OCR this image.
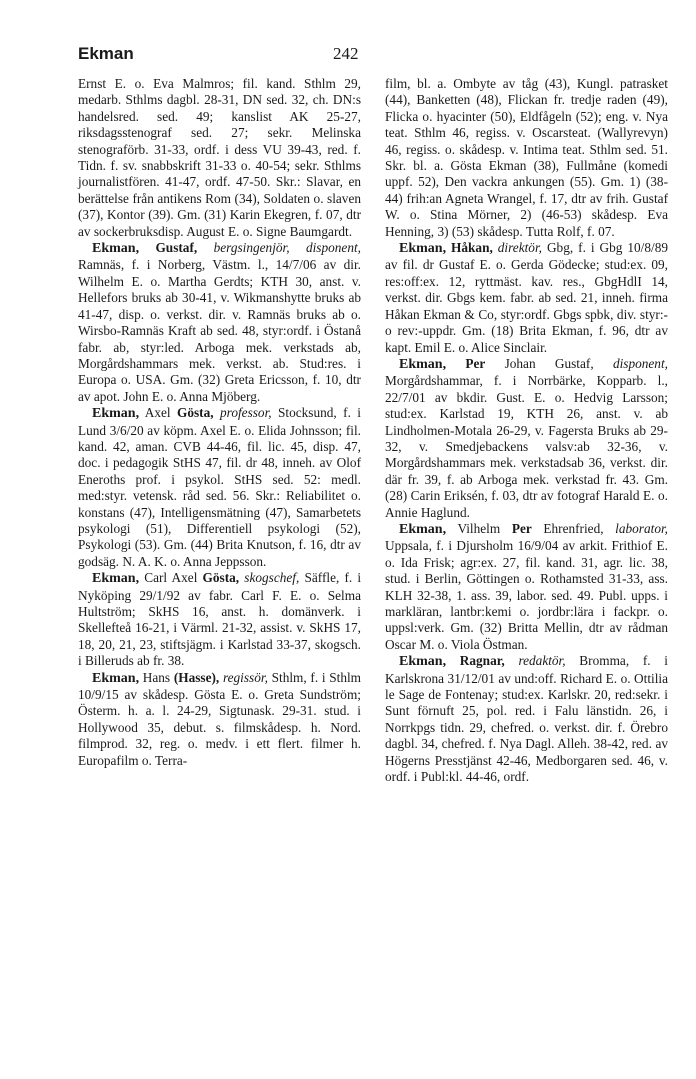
Ekman	242

Ernst E. o. Eva Malmros; fil. kand. Sthlm 29, medarb. Sthlms dagbl. 28-31, DN sed. 32, ch. DN:s handelsred. sed. 49; kanslist AK 25-27, riksdagsstenograf sed. 27; sekr. Melinska stenograförb. 31-33, ordf. i dess VU 39-43, red. f. Tidn. f. sv. snabbskrift 31-33 o. 40-54; sekr. Sthlms journalistfören. 41-47, ordf. 47-50. Skr.: Slavar, en berättelse från antikens Rom (34), Soldaten o. slaven (37), Kontor (39). Gm. (31) Karin Ekegren, f. 07, dtr av sockerbruksdisp. August E. o. Signe Baumgardt.

Ekman, Gustaf, bergsingenjör, disponent, Ramnäs, f. i Norberg, Västm. l., 14/7/06 av dir. Wilhelm E. o. Martha Gerdts; KTH 30, anst. v. Hellefors bruks ab 30-41, v. Wikmanshytte bruks ab 41-47, disp. o. verkst. dir. v. Ramnäs bruks ab o. Wirsbo-Ramnäs Kraft ab sed. 48, styr:ordf. i Östanå fabr. ab, styr:led. Arboga mek. verkstads ab, Morgårdshammars mek. verkst. ab. Stud:res. i Europa o. USA. Gm. (32) Greta Ericsson, f. 10, dtr av apot. John E. o. Anna Mjöberg.

Ekman, Axel Gösta, professor, Stocksund, f. i Lund 3/6/20 av köpm. Axel E. o. Elida Johnsson; fil. kand. 42, aman. CVB 44-46, fil. lic. 45, disp. 47, doc. i pedagogik StHS 47, fil. dr 48, inneh. av Olof Eneroths prof. i psykol. StHS sed. 52: medl. med:styr. vetensk. råd sed. 56. Skr.: Reliabilitet o. konstans (47), Intelligensmätning (47), Samarbetets psykologi (51), Differentiell psykologi (52), Psykologi (53). Gm. (44) Brita Knutson, f. 16, dtr av godsäg. N. A. K. o. Anna Jeppsson.

Ekman, Carl Axel Gösta, skogschef, Säffle, f. i Nyköping 29/1/92 av fabr. Carl F. E. o. Selma Hultström; SkHS 16, anst. h. domänverk. i Skellefteå 16-21, i Värml. 21-32, assist. v. SkHS 17, 18, 20, 21, 23, stiftsjägm. i Karlstad 33-37, skogsch. i Billeruds ab fr. 38.

Ekman, Hans (Hasse), regissör, Sthlm, f. i Sthlm 10/9/15 av skådesp. Gösta E. o. Greta Sundström; Österm. h. a. l. 24-29, Sigtunask. 29-31. stud. i Hollywood 35, debut. s. filmskådesp. h. Nord. filmprod. 32, reg. o. medv. i ett flert. filmer h. Europafilm o. Terra-

film, bl. a. Ombyte av tåg (43), Kungl. patrasket (44), Banketten (48), Flickan fr. tredje raden (49), Flicka o. hyacinter (50), Eldfågeln (52); eng. v. Nya teat. Sthlm 46, regiss. v. Oscarsteat. (Wallyrevyn) 46, regiss. o. skådesp. v. Intima teat. Sthlm sed. 51. Skr. bl. a. Gösta Ekman (38), Fullmåne (komedi uppf. 52), Den vackra ankungen (55). Gm. 1) (38-44) frih:an Agneta Wrangel, f. 17, dtr av frih. Gustaf W. o. Stina Mörner, 2) (46-53) skådesp. Eva Henning, 3) (53) skådesp. Tutta Rolf, f. 07.

Ekman, Håkan, direktör, Gbg, f. i Gbg 10/8/89 av fil. dr Gustaf E. o. Gerda Gödecke; stud:ex. 09, res:off:ex. 12, ryttmäst. kav. res., GbgHdlI 14, verkst. dir. Gbgs kem. fabr. ab sed. 21, inneh. firma Håkan Ekman & Co, styr:ordf. Gbgs spbk, div. styr:- o rev:-uppdr. Gm. (18) Brita Ekman, f. 96, dtr av kapt. Emil E. o. Alice Sinclair.

Ekman, Per Johan Gustaf, disponent, Morgårdshammar, f. i Norrbärke, Kopparb. l., 22/7/01 av bkdir. Gust. E. o. Hedvig Larsson; stud:ex. Karlstad 19, KTH 26, anst. v. ab Lindholmen-Motala 26-29, v. Fagersta Bruks ab 29-32, v. Smedjebackens valsv:ab 32-36, v. Morgårdshammars mek. verkstadsab 36, verkst. dir. där fr. 39, f. ab Arboga mek. verkstad fr. 43. Gm. (28) Carin Eriksén, f. 03, dtr av fotograf Harald E. o. Annie Haglund.

Ekman, Vilhelm Per Ehrenfried, laborator, Uppsala, f. i Djursholm 16/9/04 av arkit. Frithiof E. o. Ida Frisk; agr:ex. 27, fil. kand. 31, agr. lic. 38, stud. i Berlin, Göttingen o. Rothamsted 31-33, ass. KLH 32-38, 1. ass. 39, labor. sed. 49. Publ. upps. i markläran, lantbr:kemi o. jordbr:lära i fackpr. o. uppsl:verk. Gm. (32) Britta Mellin, dtr av rådman Oscar M. o. Viola Östman.

Ekman, Ragnar, redaktör, Bromma, f. i Karlskrona 31/12/01 av und:off. Richard E. o. Ottilia le Sage de Fontenay; stud:ex. Karlskr. 20, red:sekr. i Sunt förnuft 25, pol. red. i Falu länstidn. 26, i Norrkpgs tidn. 29, chefred. o. verkst. dir. f. Örebro dagbl. 34, chefred. f. Nya Dagl. Alleh. 38-42, red. av Högerns Presstjänst 42-46, Medborgaren sed. 46, v. ordf. i Publ:kl. 44-46, ordf.
